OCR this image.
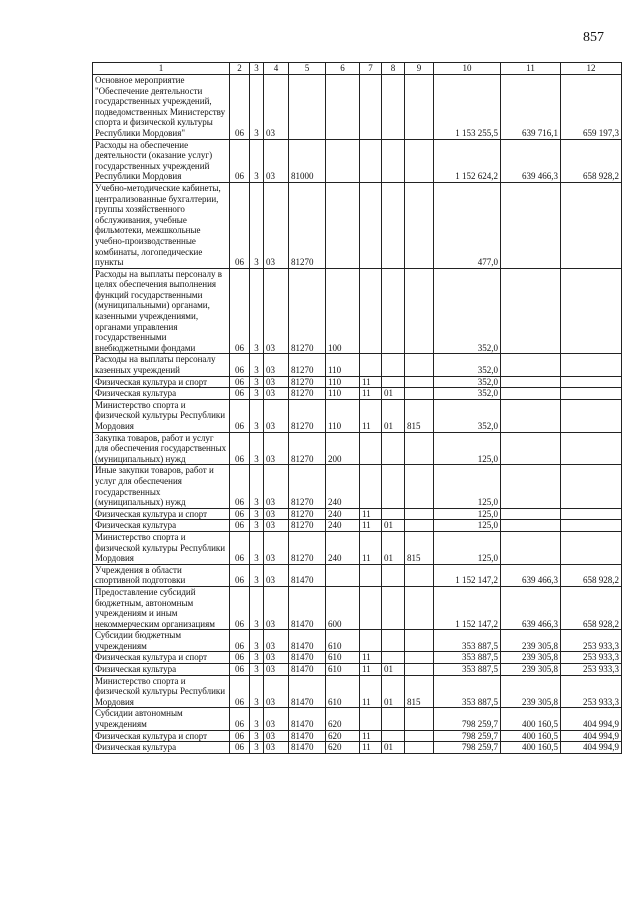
857
1	2	3	4	5	6	7	8	9	10	11	12
Основное мероприятие "Обеспечение деятельности государственных учреждений, подведомственных Министерству спорта и физической культуры Республики Мордовия"	06	3	03						1 153 255,5	639 716,1	659 197,3
Расходы на обеспечение деятельности (оказание услуг) государственных учреждений Республики Мордовия	06	3	03	81000					1 152 624,2	639 466,3	658 928,2
Учебно-методические кабинеты, централизованные бухгалтерии, группы хозяйственного обслуживания, учебные фильмотеки, межшкольные учебно-производственные комбинаты, логопедические пункты	06	3	03	81270					477,0		
Расходы на выплаты персоналу в целях обеспечения выполнения функций государственными (муниципальными) органами, казенными учреждениями, органами управления государственными внебюджетными фондами	06	3	03	81270	100				352,0		
Расходы на выплаты персоналу казенных учреждений	06	3	03	81270	110				352,0		
Физическая культура и спорт	06	3	03	81270	110	11			352,0		
Физическая культура	06	3	03	81270	110	11	01		352,0		
Министерство спорта и физической культуры Республики Мордовия	06	3	03	81270	110	11	01	815	352,0		
Закупка товаров, работ и услуг для обеспечения государственных (муниципальных) нужд	06	3	03	81270	200				125,0		
Иные закупки товаров, работ и услуг для обеспечения государственных (муниципальных) нужд	06	3	03	81270	240				125,0		
Физическая культура и спорт	06	3	03	81270	240	11			125,0		
Физическая культура	06	3	03	81270	240	11	01		125,0		
Министерство спорта и физической культуры Республики Мордовия	06	3	03	81270	240	11	01	815	125,0		
Учреждения в области спортивной подготовки	06	3	03	81470					1 152 147,2	639 466,3	658 928,2
Предоставление субсидий бюджетным, автономным учреждениям и иным некоммерческим организациям	06	3	03	81470	600				1 152 147,2	639 466,3	658 928,2
Субсидии бюджетным учреждениям	06	3	03	81470	610				353 887,5	239 305,8	253 933,3
Физическая культура и спорт	06	3	03	81470	610	11			353 887,5	239 305,8	253 933,3
Физическая культура	06	3	03	81470	610	11	01		353 887,5	239 305,8	253 933,3
Министерство спорта и физической культуры Республики Мордовия	06	3	03	81470	610	11	01	815	353 887,5	239 305,8	253 933,3
Субсидии автономным учреждениям	06	3	03	81470	620				798 259,7	400 160,5	404 994,9
Физическая культура и спорт	06	3	03	81470	620	11			798 259,7	400 160,5	404 994,9
Физическая культура	06	3	03	81470	620	11	01		798 259,7	400 160,5	404 994,9
